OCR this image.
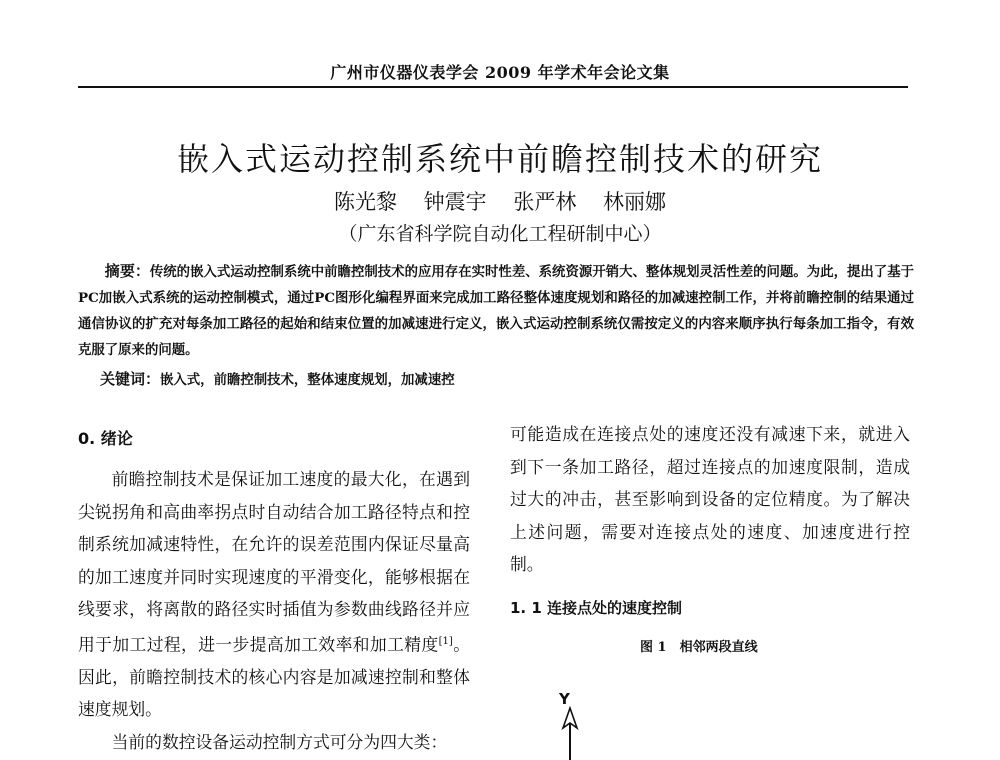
广州市仪器仪表学会 2009 年学术年会论文集
嵌入式运动控制系统中前瞻控制技术的研究
陈光黎 钟震宇 张严林 林丽娜
（广东省科学院自动化工程研制中心）
摘要：传统的嵌入式运动控制系统中前瞻控制技术的应用存在实时性差、系统资源开销大、整体规划灵活性差的问题。为此，提出了基于PC加嵌入式系统的运动控制模式，通过PC图形化编程界面来完成加工路径整体速度规划和路径的加减速控制工作，并将前瞻控制的结果通过通信协议的扩充对每条加工路径的起始和结束位置的加减速进行定义，嵌入式运动控制系统仅需按定义的内容来顺序执行每条加工指令，有效克服了原来的问题。
关键词：嵌入式，前瞻控制技术，整体速度规划，加减速控
0. 绪论

前瞻控制技术是保证加工速度的最大化，在遇到尖锐拐角和高曲率拐点时自动结合加工路径特点和控制系统加减速特性，在允许的误差范围内保证尽量高的加工速度并同时实现速度的平滑变化，能够根据在线要求，将离散的路径实时插值为参数曲线路径并应用于加工过程，进一步提高加工效率和加工精度[1]。因此，前瞻控制技术的核心内容是加减速控制和整体速度规划。

当前的数控设备运动控制方式可分为四大类：

可能造成在连接点处的速度还没有减速下来，就进入到下一条加工路径，超过连接点的加速度限制，造成过大的冲击，甚至影响到设备的定位精度。为了解决上述问题，需要对连接点处的速度、加速度进行控制。

1. 1 连接点处的速度控制
图 1　相邻两段直线
Y
